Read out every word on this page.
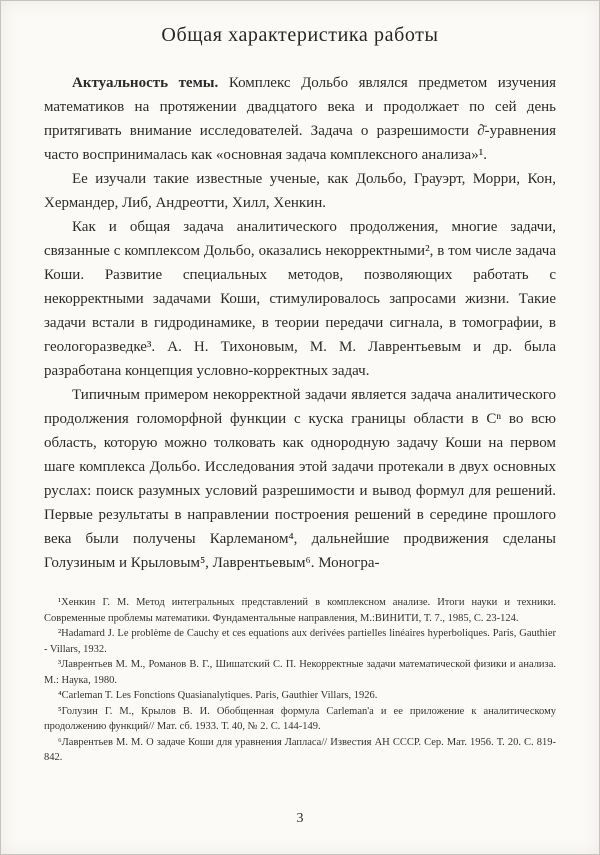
Общая характеристика работы

Актуальность темы. Комплекс Дольбо являлся предметом изучения математиков на протяжении двадцатого века и продолжает по сей день притягивать внимание исследователей. Задача о разрешимости ∂̄-уравнения часто воспринималась как «основная задача комплексного анализа»¹.

Ее изучали такие известные ученые, как Дольбо, Грауэрт, Морри, Кон, Хермандер, Либ, Андреотти, Хилл, Хенкин.

Как и общая задача аналитического продолжения, многие задачи, связанные с комплексом Дольбо, оказались некорректными², в том числе задача Коши. Развитие специальных методов, позволяющих работать с некорректными задачами Коши, стимулировалось запросами жизни. Такие задачи встали в гидродинамике, в теории передачи сигнала, в томографии, в геологоразведке³. А. Н. Тихоновым, М. М. Лаврентьевым и др. была разработана концепция условно-корректных задач.

Типичным примером некорректной задачи является задача аналитического продолжения голоморфной функции с куска границы области в Cⁿ во всю область, которую можно толковать как однородную задачу Коши на первом шаге комплекса Дольбо. Исследования этой задачи протекали в двух основных руслах: поиск разумных условий разрешимости и вывод формул для решений. Первые результаты в направлении построения решений в середине прошлого века были получены Карлеманом⁴, дальнейшие продвижения сделаны Голузиным и Крыловым⁵, Лаврентьевым⁶. Моногра-

¹Хенкин Г. М. Метод интегральных представлений в комплексном анализе. Итоги науки и техники. Современные проблемы математики. Фундаментальные направления, М.:ВИНИТИ, Т. 7., 1985, С. 23-124.

²Hadamard J. Le problème de Cauchy et ces equations aux derivées partielles linéaires hyperboliques. Paris, Gauthier - Villars, 1932.

³Лаврентьев М. М., Романов В. Г., Шишатский С. П. Некорректные задачи математической физики и анализа. М.: Наука, 1980.

⁴Carleman T. Les Fonctions Quasianalytiques. Paris, Gauthier Villars, 1926.

⁵Голузин Г. М., Крылов В. И. Обобщенная формула Carleman'а и ее приложение к аналитическому продолжению функций// Мат. сб. 1933. Т. 40, № 2. С. 144-149.

⁶Лаврентьев М. М. О задаче Коши для уравнения Лапласа// Известия АН СССР. Сер. Мат. 1956. Т. 20. С. 819-842.

3
